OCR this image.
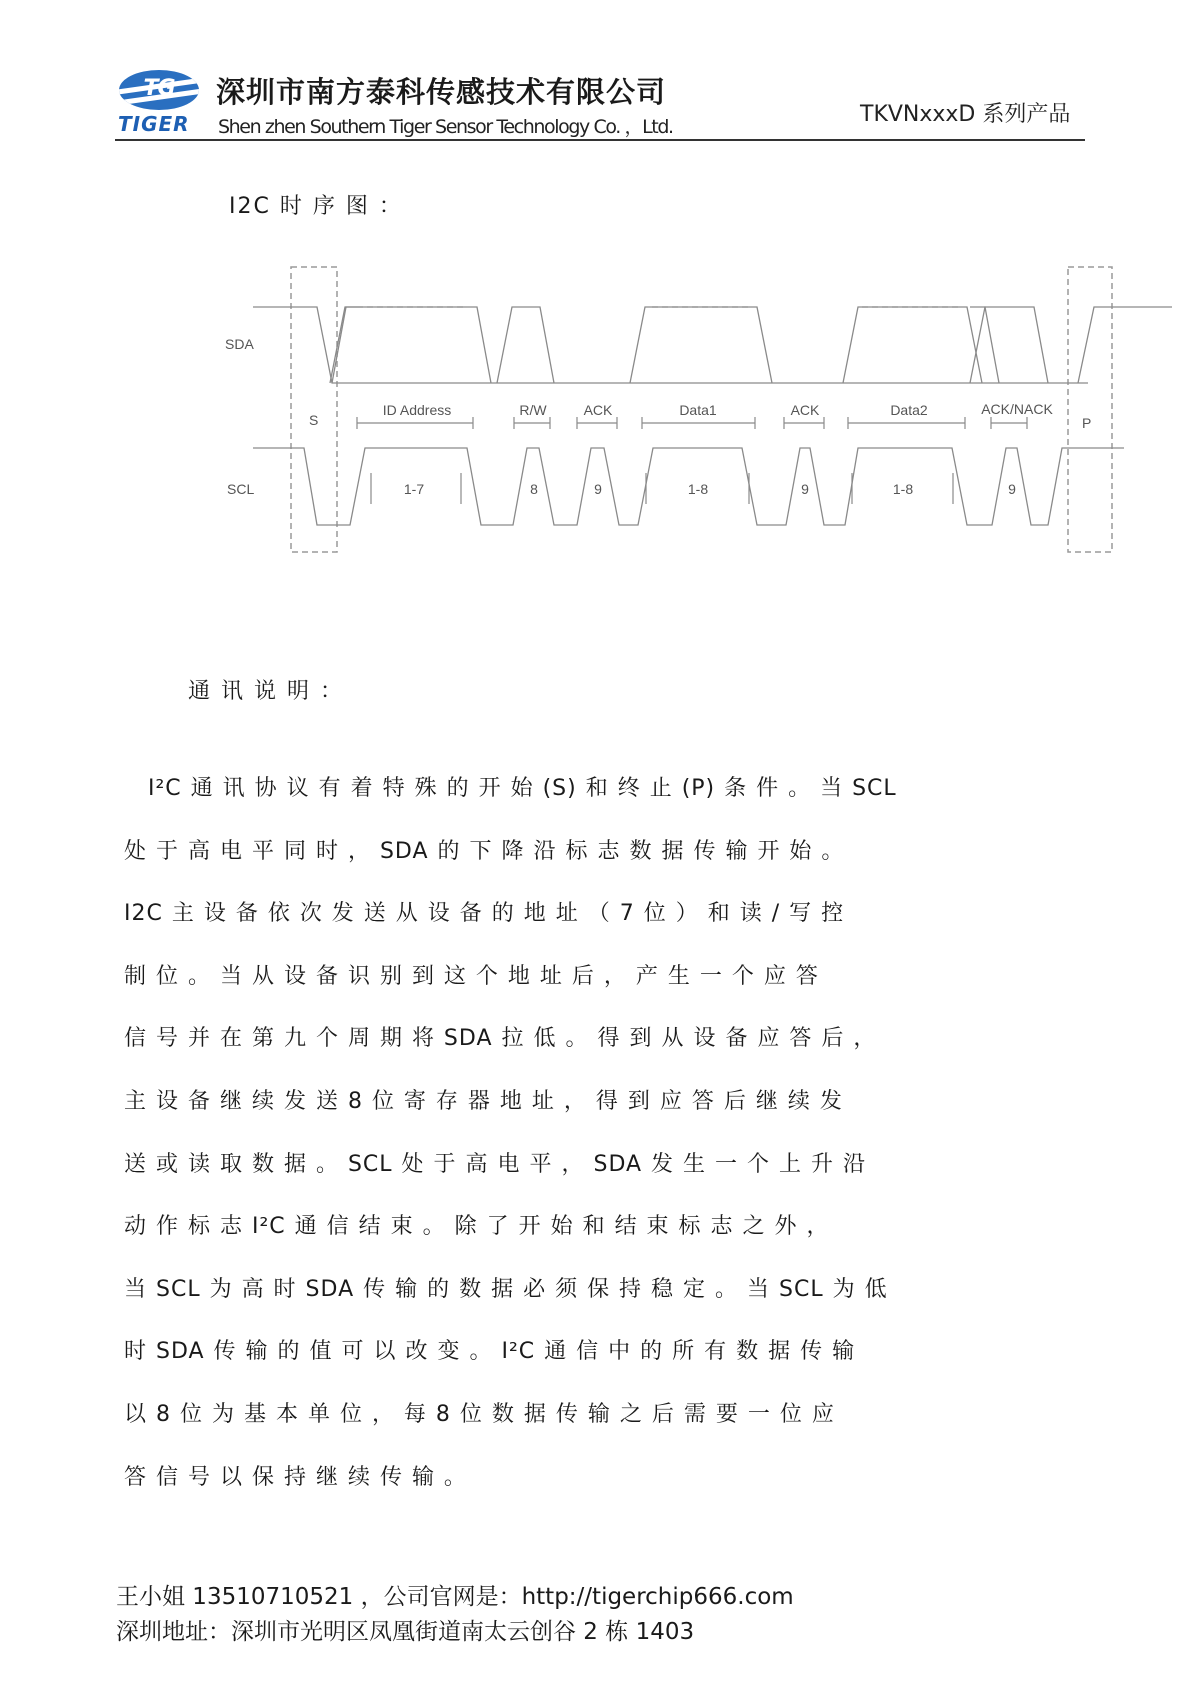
TG
TIGER
深圳市南方泰科传感技术有限公司
Shen zhen Southern Tiger Sensor Technology Co. ，Ltd.	TKVNxxxD 系列产品
I2C 时 序 图 ：
SDA
SCL
S	P
ID Address	R/W	ACK	Data1	ACK	Data2	ACK/NACK
1-7	8	9	1-8	9	1-8	9
通 讯 说 明 ：

I²C 通 讯 协 议 有 着 特 殊 的 开 始 (S) 和 终 止 (P) 条 件 。 当 SCL

处 于 高 电 平 同 时 ， SDA 的 下 降 沿 标 志 数 据 传 输 开 始 。

I2C 主 设 备 依 次 发 送 从 设 备 的 地 址 （ 7 位 ） 和 读 / 写 控

制 位 。 当 从 设 备 识 别 到 这 个 地 址 后 ， 产 生 一 个 应 答

信 号 并 在 第 九 个 周 期 将 SDA 拉 低 。 得 到 从 设 备 应 答 后 ，

主 设 备 继 续 发 送 8 位 寄 存 器 地 址 ， 得 到 应 答 后 继 续 发

送 或 读 取 数 据 。 SCL 处 于 高 电 平 ， SDA 发 生 一 个 上 升 沿

动 作 标 志 I²C 通 信 结 束 。 除 了 开 始 和 结 束 标 志 之 外 ，

当 SCL 为 高 时 SDA 传 输 的 数 据 必 须 保 持 稳 定 。 当 SCL 为 低

时 SDA 传 输 的 值 可 以 改 变 。 I²C 通 信 中 的 所 有 数 据 传 输

以 8 位 为 基 本 单 位 ， 每 8 位 数 据 传 输 之 后 需 要 一 位 应

答 信 号 以 保 持 继 续 传 输 。

王小姐 13510710521 ，公司官网是：http://tigerchip666.com
深圳地址：深圳市光明区凤凰街道南太云创谷 2 栋 1403
